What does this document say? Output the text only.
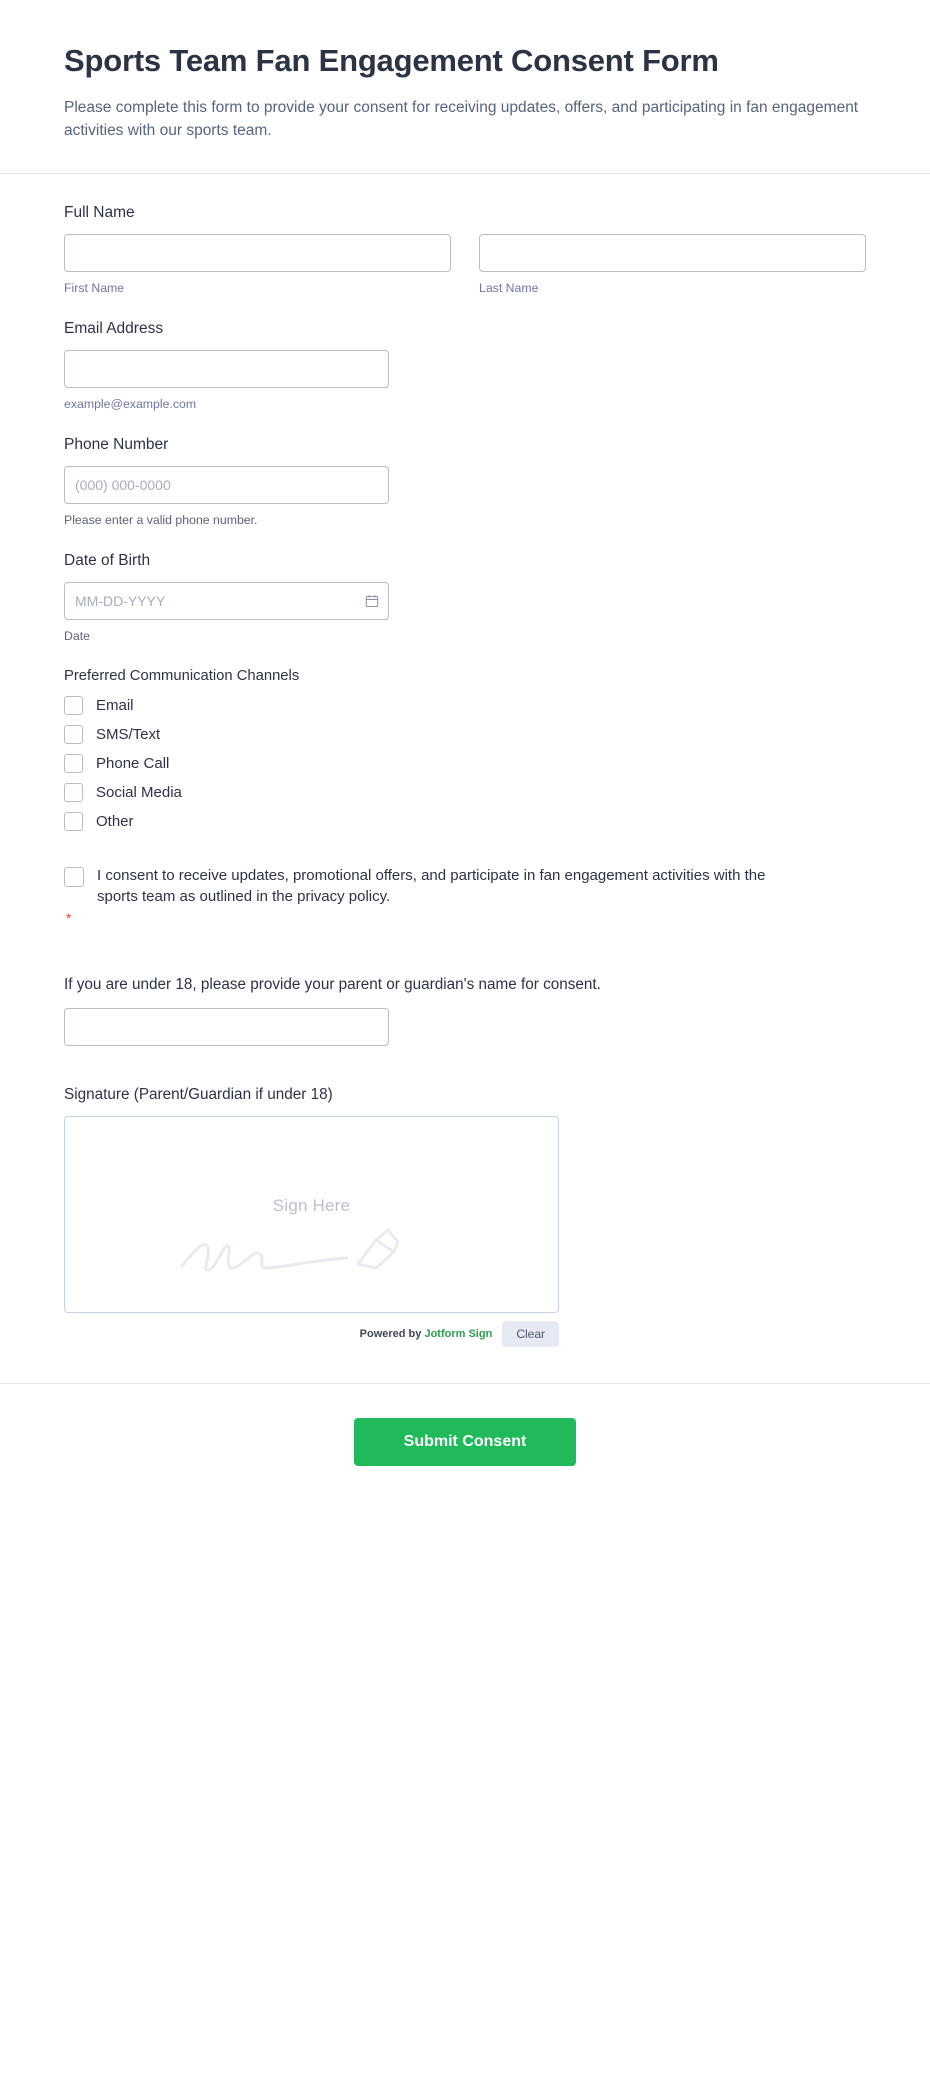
Sports Team Fan Engagement Consent Form

Please complete this form to provide your consent for receiving updates, offers, and participating in fan engagement activities with our sports team.

Full Name
First Name	Last Name
Email Address
example@example.com
Phone Number
(000) 000-0000
Please enter a valid phone number.
Date of Birth
MM-DD-YYYY
Date
Preferred Communication Channels
Email
SMS/Text
Phone Call
Social Media
Other
I consent to receive updates, promotional offers, and participate in fan engagement activities with the sports team as outlined in the privacy policy.
*
If you are under 18, please provide your parent or guardian's name for consent.
Signature (Parent/Guardian if under 18)
Sign Here
Powered by Jotform Sign	Clear
Submit Consent
